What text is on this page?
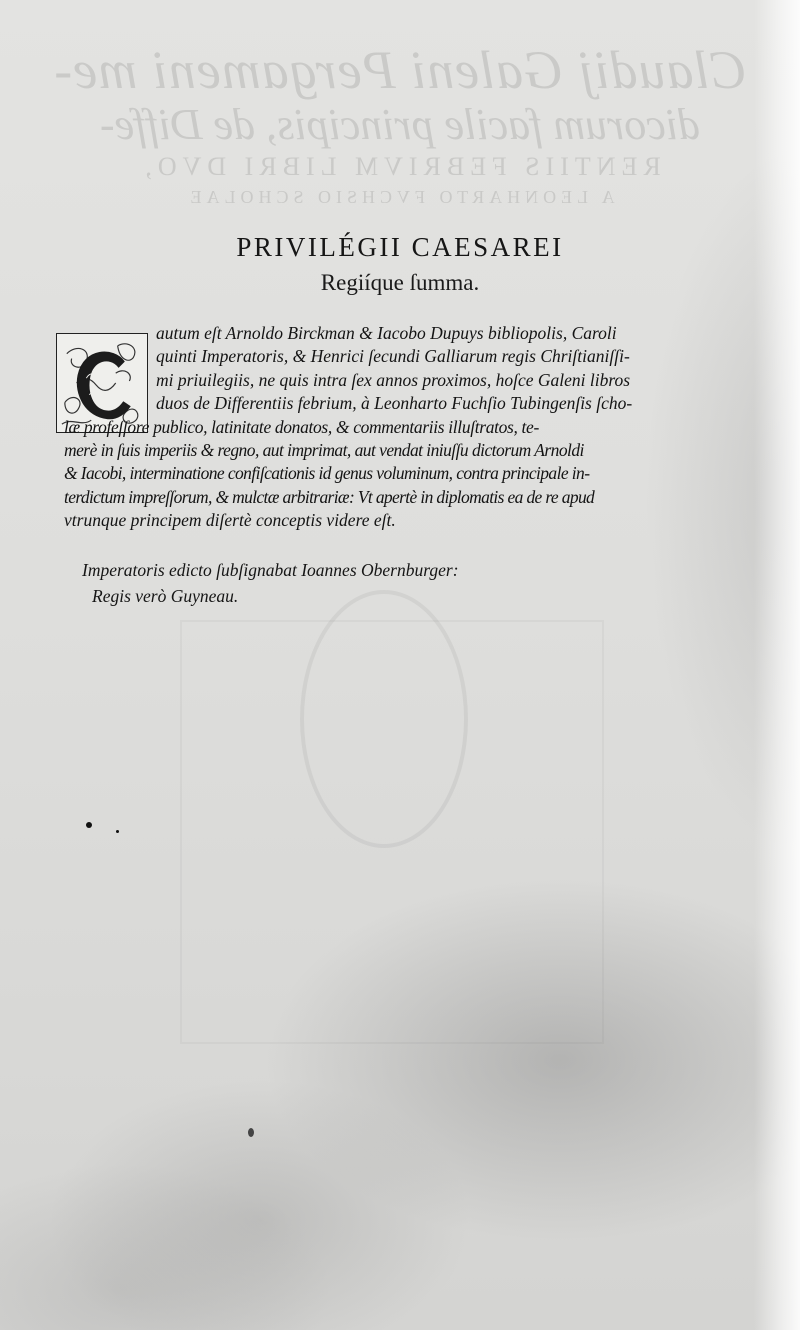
Claudij Galeni Pergameni me-
dicorum facile principis, de Diffe-
RENTIIS FEBRIVM LIBRI DVO,
A LEONHARTO FVCHSIO SCHOLAE
PRIVILÉGII CAESAREI
Regiíque ſumma.
autum eſt Arnoldo Birckman & Iacobo Dupuys bibliopolis, Caroli
quinti Imperatoris, & Henrici ſecundi Galliarum regis Chriſtianiſſi-
mi priuilegiis, ne quis intra ſex annos proximos, hoſce Galeni libros
duos de Differentiis febrium, à Leonharto Fuchſio Tubingenſis ſcho-
læ profeſſore publico, latinitate donatos, & commentariis illuſtratos, te-
merè in ſuis imperiis & regno, aut imprimat, aut vendat iniuſſu dictorum Arnoldi
& Iacobi, interminatione confiſcationis id genus voluminum, contra principale in-
terdictum impreſſorum, & mulctæ arbitrariæ: Vt apertè in diplomatis ea de re apud
vtrunque principem diſertè conceptis videre eſt.
Imperatoris edicto ſubſignabat Ioannes Obernburger:
Regis verò Guyneau.
